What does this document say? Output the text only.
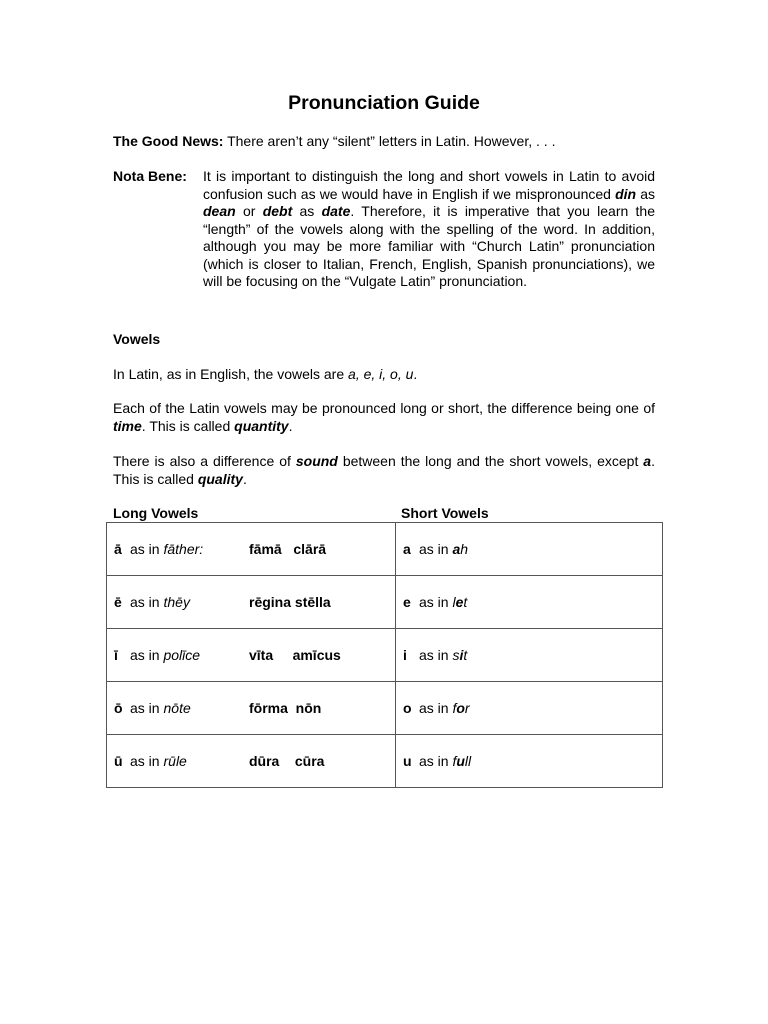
Pronunciation Guide

The Good News: There aren’t any “silent” letters in Latin. However, . . .

Nota Bene: It is important to distinguish the long and short vowels in Latin to avoid confusion such as we would have in English if we mispronounced din as dean or debt as date. Therefore, it is imperative that you learn the “length” of the vowels along with the spelling of the word. In addition, although you may be more familiar with “Church Latin” pronunciation (which is closer to Italian, French, English, Spanish pronunciations), we will be focusing on the “Vulgate Latin” pronunciation.

Vowels

In Latin, as in English, the vowels are a, e, i, o, u.

Each of the Latin vowels may be pronounced long or short, the difference being one of time. This is called quantity.

There is also a difference of sound between the long and the short vowels, except a. This is called quality.

Long Vowels	Short Vowels

ā as in fāther: fāmā   clārā	a as in ah
ē as in thēy rēgina stēlla	e as in let
ī as in polīce vīta     amīcus	i as in sit
ō as in nōte fōrma  nōn	o as in for
ū as in rūle dūra    cūra	u as in full
